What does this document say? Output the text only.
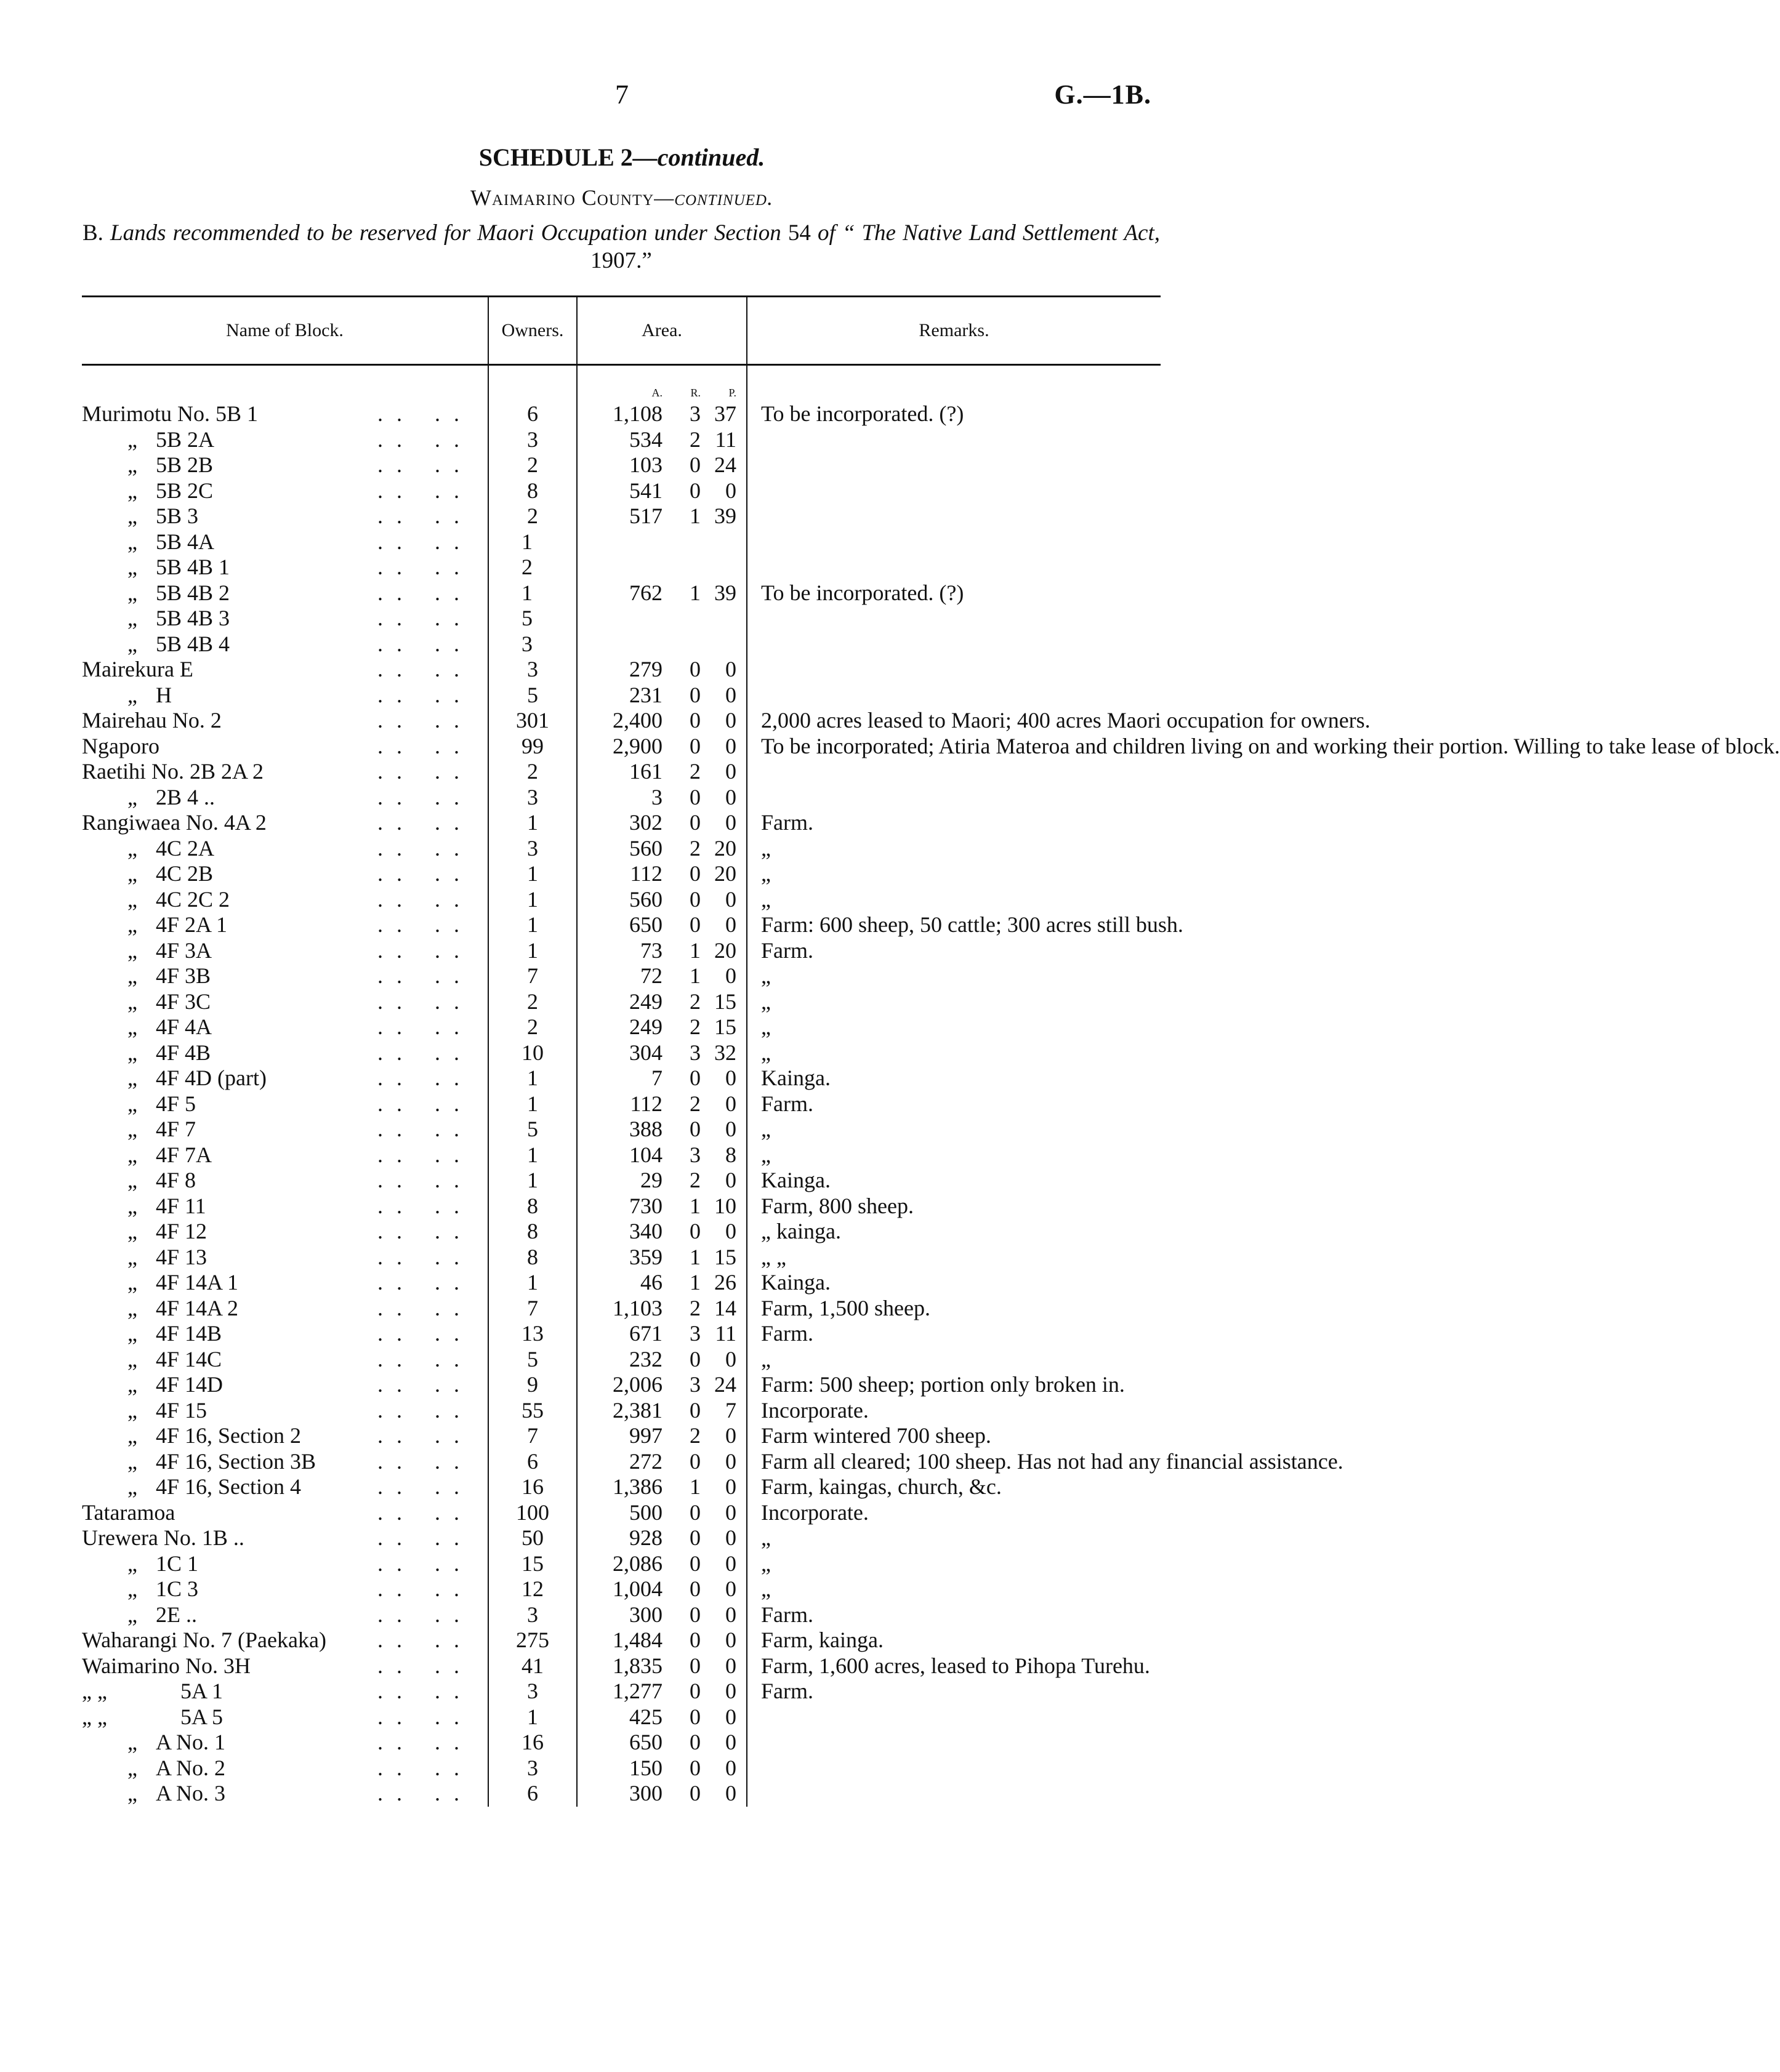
7	G.—1B.
SCHEDULE 2—continued.
Waimarino County—continued.
B. Lands recommended to be reserved for Maori Occupation under Section 54 of “ The Native Land Settlement Act, 1907.”
Name of Block.	Owners.	Area.	Remarks.

		A. R. P.	

Murimotu No. 5B 1 .. ..	6	1,108 3 37	To be incorporated. (?)

„ 5B 2A .. ..	3	534 2 11	

„ 5B 2B .. ..	2	103 0 24	

„ 5B 2C .. ..	8	541 0 0	

„ 5B 3 .. ..	2	517 1 39	

„ 5B 4A .. ..	1	

„ 5B 4B 1 .. ..	2	

„ 5B 4B 2 .. ..	1	762 1 39	To be incorporated. (?)

„ 5B 4B 3 .. ..	5	

„ 5B 4B 4 .. ..	3	

Mairekura E .. ..	3	279 0 0	

„ H .. ..	5	231 0 0	

Mairehau No. 2 .. ..	301	2,400 0 0	2,000 acres leased to Maori; 400 acres Maori occupation for owners.

Ngaporo .. ..	99	2,900 0 0	To be incorporated; Atiria Materoa and children living on and working their portion. Willing to take lease of block.

Raetihi No. 2B 2A 2 .. ..	2	161 2 0	

„ 2B 4 .. .. ..	3	3 0 0	

Rangiwaea No. 4A 2 .. ..	1	302 0 0	Farm.

„ 4C 2A .. ..	3	560 2 20	„

„ 4C 2B .. ..	1	112 0 20	„

„ 4C 2C 2 .. ..	1	560 0 0	„

„ 4F 2A 1 .. ..	1	650 0 0	Farm: 600 sheep, 50 cattle; 300 acres still bush.

„ 4F 3A .. ..	1	73 1 20	Farm.

„ 4F 3B .. ..	7	72 1 0	„

„ 4F 3C .. ..	2	249 2 15	„

„ 4F 4A .. ..	2	249 2 15	„

„ 4F 4B .. ..	10	304 3 32	„

„ 4F 4D (part) .. ..	1	7 0 0	Kainga.

„ 4F 5 .. ..	1	112 2 0	Farm.

„ 4F 7 .. ..	5	388 0 0	„

„ 4F 7A .. ..	1	104 3 8	„

„ 4F 8 .. ..	1	29 2 0	Kainga.

„ 4F 11 .. ..	8	730 1 10	Farm, 800 sheep.

„ 4F 12 .. ..	8	340 0 0	„ kainga.

„ 4F 13 .. ..	8	359 1 15	„ „

„ 4F 14A 1 .. ..	1	46 1 26	Kainga.

„ 4F 14A 2 .. ..	7	1,103 2 14	Farm, 1,500 sheep.

„ 4F 14B .. ..	13	671 3 11	Farm.

„ 4F 14C .. ..	5	232 0 0	„

„ 4F 14D .. ..	9	2,006 3 24	Farm: 500 sheep; portion only broken in.

„ 4F 15 .. ..	55	2,381 0 7	Incorporate.

„ 4F 16, Section 2 .. ..	7	997 2 0	Farm wintered 700 sheep.

„ 4F 16, Section 3B .. ..	6	272 0 0	Farm all cleared; 100 sheep. Has not had any financial assistance.

„ 4F 16, Section 4 .. ..	16	1,386 1 0	Farm, kaingas, church, &c.

Tataramoa .. ..	100	500 0 0	Incorporate.

Urewera No. 1B .. .. ..	50	928 0 0	„

„ 1C 1 .. ..	15	2,086 0 0	„

„ 1C 3 .. ..	12	1,004 0 0	„

„ 2E .. .. ..	3	300 0 0	Farm.

Waharangi No. 7 (Paekaka) .. ..	275	1,484 0 0	Farm, kainga.

Waimarino No. 3H .. ..	41	1,835 0 0	Farm, 1,600 acres, leased to Pihopa Turehu.

„ „ 5A 1 .. ..	3	1,277 0 0	Farm.

„ „ 5A 5 .. ..	1	425 0 0	

„ A No. 1 .. ..	16	650 0 0	

„ A No. 2 .. ..	3	150 0 0	

„ A No. 3 .. ..	6	300 0 0	
